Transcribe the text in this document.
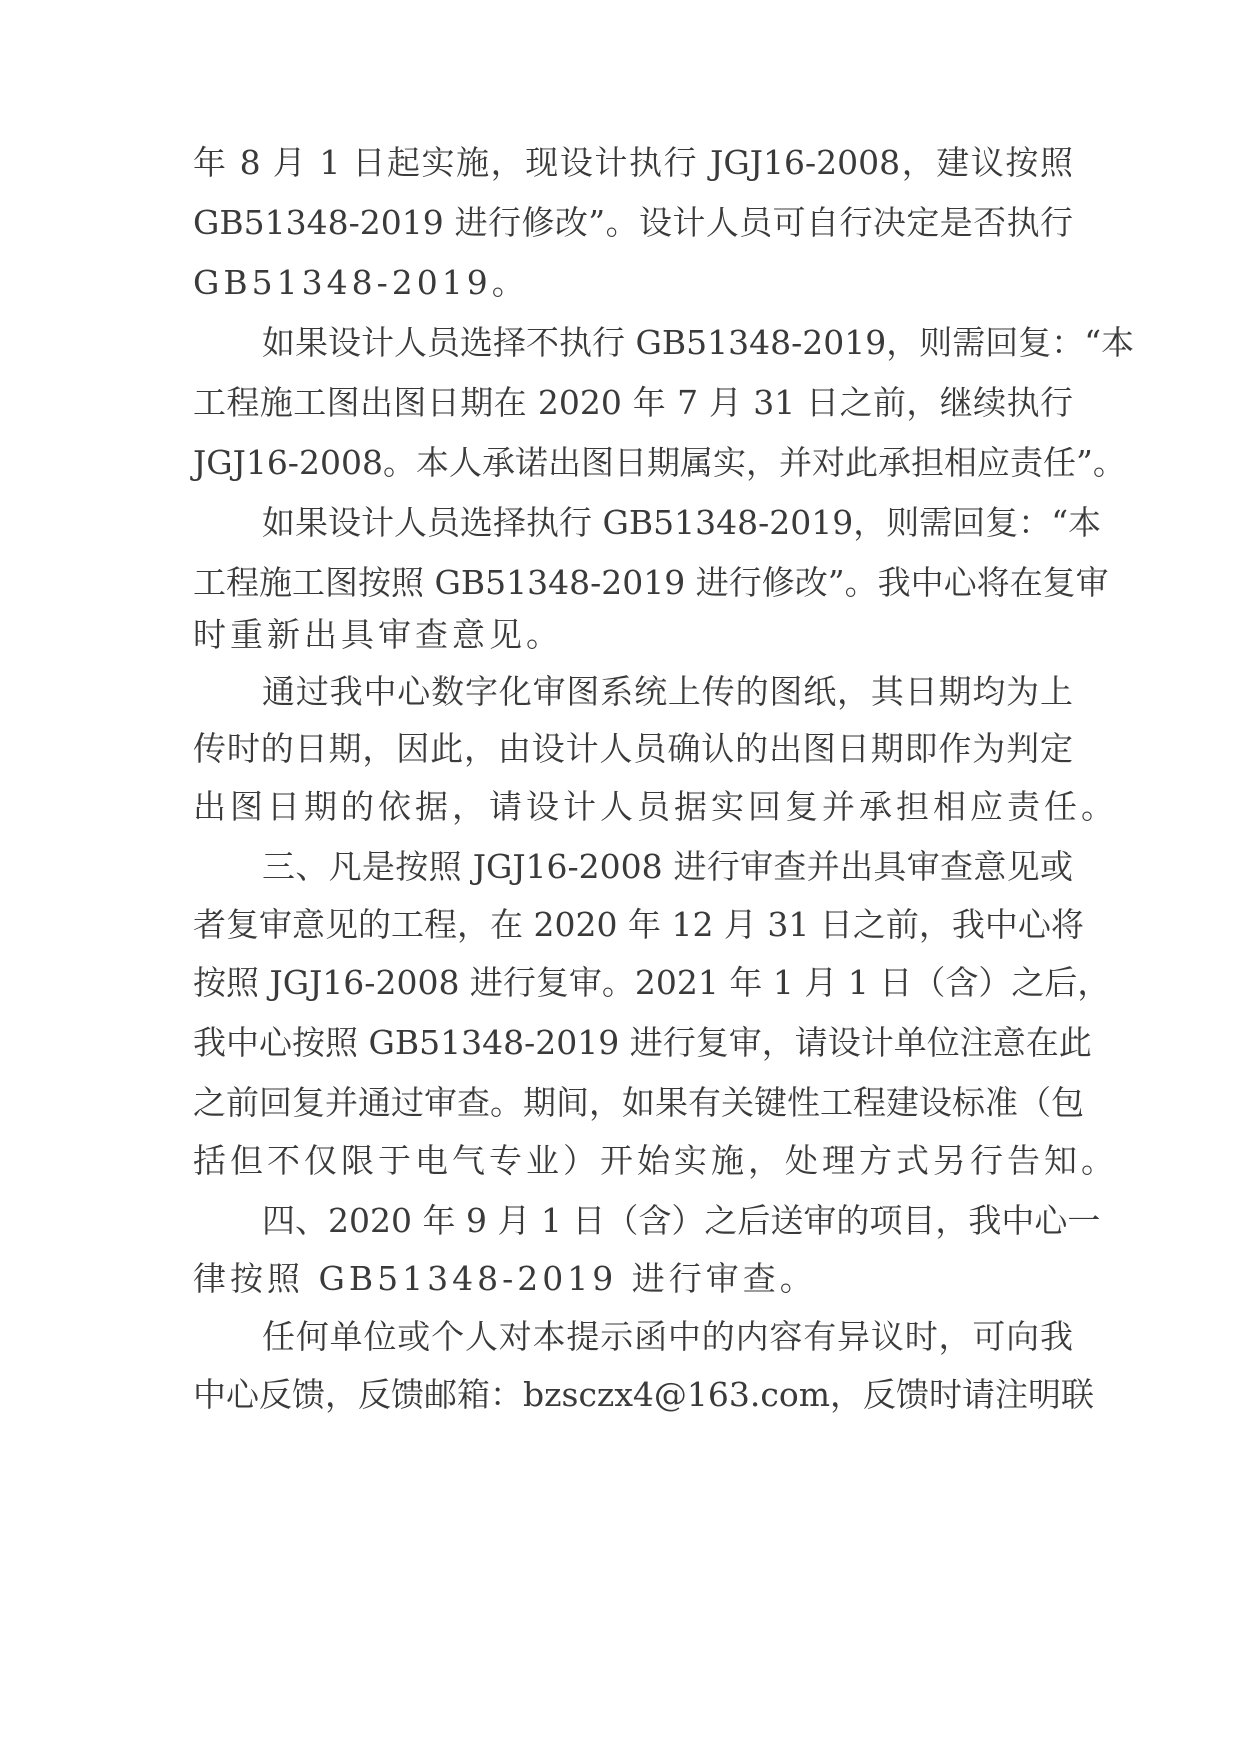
年 8 月 1 日起实施，现设计执行 JGJ16-2008，建议按照
GB51348-2019 进行修改”。设计人员可自行决定是否执行
GB51348-2019。
如果设计人员选择不执行 GB51348-2019，则需回复：“本
工程施工图出图日期在 2020 年 7 月 31 日之前，继续执行
JGJ16-2008。本人承诺出图日期属实，并对此承担相应责任”。
如果设计人员选择执行 GB51348-2019，则需回复：“本
工程施工图按照 GB51348-2019 进行修改”。我中心将在复审
时重新出具审查意见。
通过我中心数字化审图系统上传的图纸，其日期均为上
传时的日期，因此，由设计人员确认的出图日期即作为判定
出图日期的依据，请设计人员据实回复并承担相应责任。
三、凡是按照 JGJ16-2008 进行审查并出具审查意见或
者复审意见的工程，在 2020 年 12 月 31 日之前，我中心将
按照 JGJ16-2008 进行复审。2021 年 1 月 1 日（含）之后，
我中心按照 GB51348-2019 进行复审，请设计单位注意在此
之前回复并通过审查。期间，如果有关键性工程建设标准（包
括但不仅限于电气专业）开始实施，处理方式另行告知。
四、2020 年 9 月 1 日（含）之后送审的项目，我中心一
律按照 GB51348-2019 进行审查。
任何单位或个人对本提示函中的内容有异议时，可向我
中心反馈，反馈邮箱：bzsczx4@163.com，反馈时请注明联
